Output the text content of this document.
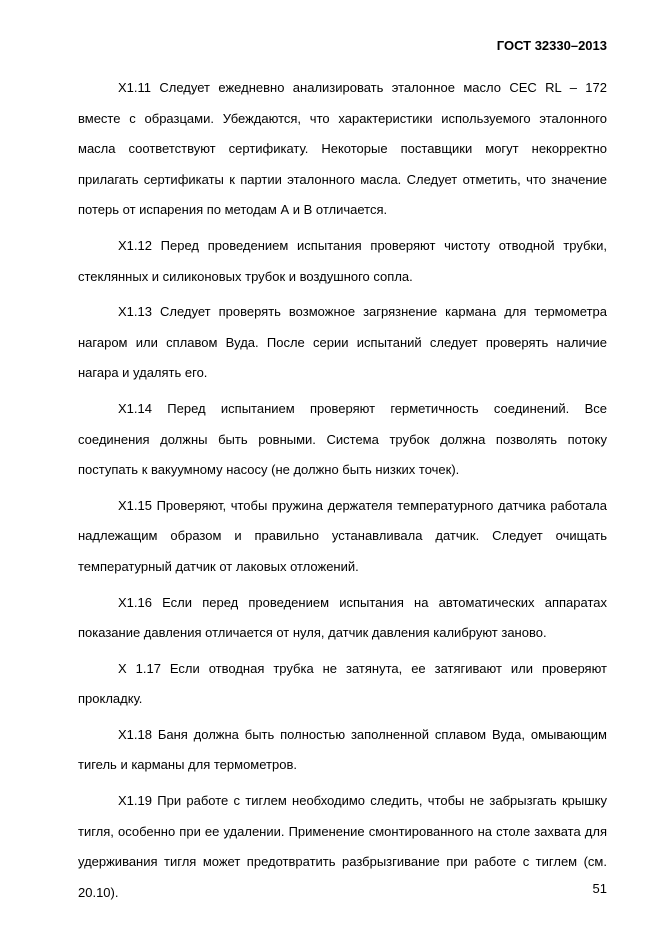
ГОСТ 32330–2013

Х1.11 Следует ежедневно анализировать эталонное масло CEC RL – 172 вместе с образцами. Убеждаются, что характеристики используемого эталонного масла соответствуют сертификату. Некоторые поставщики могут некорректно прилагать сертификаты к партии эталонного масла. Следует отметить, что значение потерь от испарения по методам А и В отличается.

Х1.12 Перед проведением испытания проверяют чистоту отводной трубки, стеклянных и силиконовых трубок и воздушного сопла.

Х1.13 Следует проверять возможное загрязнение кармана для термометра нагаром или сплавом Вуда. После серии испытаний следует проверять наличие нагара и удалять его.

Х1.14 Перед испытанием проверяют герметичность соединений. Все соединения должны быть ровными. Система трубок должна позволять потоку поступать к вакуумному насосу (не должно быть низких точек).

Х1.15 Проверяют, чтобы пружина держателя температурного датчика работала надлежащим образом и правильно устанавливала датчик. Следует очищать температурный датчик от лаковых отложений.

Х1.16 Если перед проведением испытания на автоматических аппаратах показание давления отличается от нуля, датчик давления калибруют заново.

Х 1.17 Если отводная трубка не затянута, ее затягивают или проверяют прокладку.

Х1.18 Баня должна быть полностью заполненной сплавом Вуда, омывающим тигель и карманы для термометров.

Х1.19 При работе с тиглем необходимо следить, чтобы не забрызгать крышку тигля, особенно при ее удалении. Применение смонтированного на столе захвата для удерживания тигля может предотвратить разбрызгивание при работе с тиглем (см. 20.10).	51
